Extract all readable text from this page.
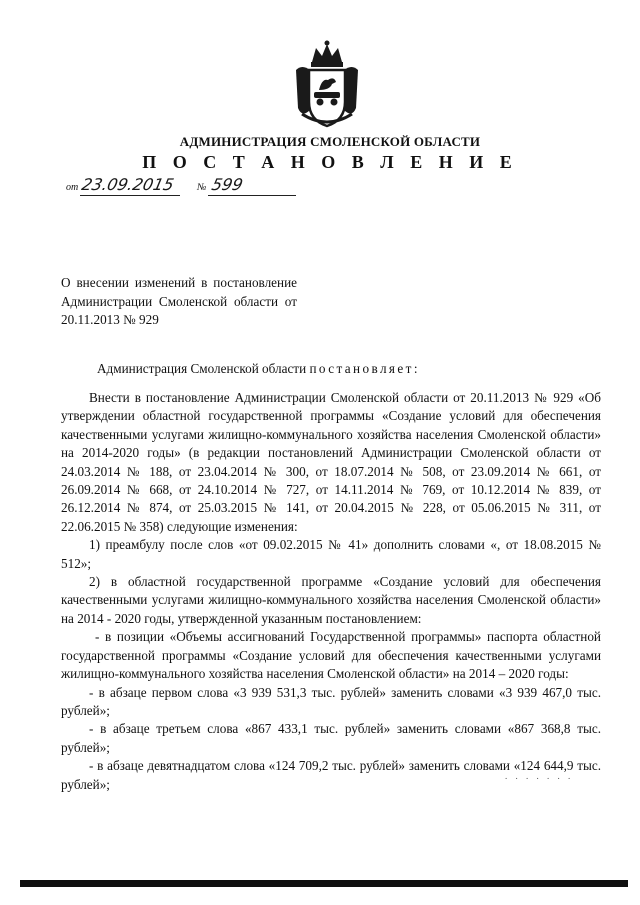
АДМИНИСТРАЦИЯ СМОЛЕНСКОЙ ОБЛАСТИ
П О С Т А Н О В Л Е Н И Е
от 23.09.2015 № 599
О внесении изменений в постановление Администрации Смоленской области от 20.11.2013 № 929
Администрация Смоленской области постановляет:

Внести в постановление Администрации Смоленской области от 20.11.2013 № 929 «Об утверждении областной государственной программы «Создание условий для обеспечения качественными услугами жилищно-коммунального хозяйства населения Смоленской области» на 2014-2020 годы» (в редакции постановлений Администрации Смоленской области от 24.03.2014 № 188, от 23.04.2014 № 300, от 18.07.2014 № 508, от 23.09.2014 № 661, от 26.09.2014 № 668, от 24.10.2014 № 727, от 14.11.2014 № 769, от 10.12.2014 № 839, от 26.12.2014 № 874, от 25.03.2015 № 141, от 20.04.2015 № 228, от 05.06.2015 № 311, от 22.06.2015 № 358) следующие изменения:

1) преамбулу после слов «от 09.02.2015 № 41» дополнить словами «, от 18.08.2015 № 512»;

2) в областной государственной программе «Создание условий для обеспечения качественными услугами жилищно-коммунального хозяйства населения Смоленской области» на 2014 - 2020 годы, утвержденной указанным постановлением:

- в позиции «Объемы ассигнований Государственной программы» паспорта областной государственной программы «Создание условий для обеспечения качественными услугами жилищно-коммунального хозяйства населения Смоленской области» на 2014 – 2020 годы:

- в абзаце первом слова «3 939 531,3 тыс. рублей» заменить словами «3 939 467,0 тыс. рублей»;

- в абзаце третьем слова «867 433,1 тыс. рублей» заменить словами «867 368,8 тыс. рублей»;

- в абзаце девятнадцатом слова «124 709,2 тыс. рублей» заменить словами «124 644,9 тыс. рублей»;

. . . . . . .
